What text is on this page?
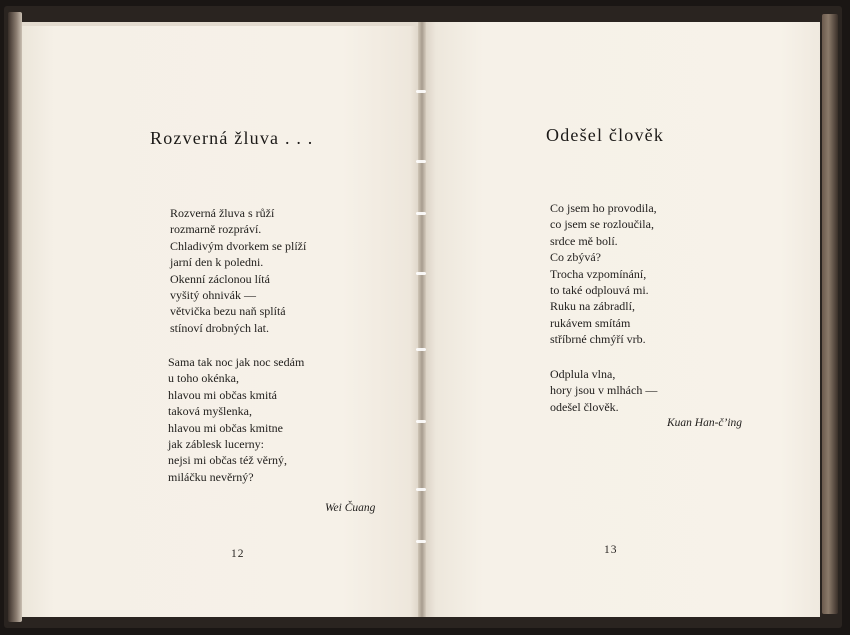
Rozverná žluva . . .
Rozverná žluva s růží
rozmarně rozpráví.
Chladivým dvorkem se plíží
jarní den k poledni.
Okenní záclonou lítá
vyšitý ohnivák —
větvička bezu naň splítá
stínoví drobných lat.
Sama tak noc jak noc sedám
u toho okénka,
hlavou mi občas kmitá
taková myšlenka,
hlavou mi občas kmitne
jak záblesk lucerny:
nejsi mi občas též věrný,
miláčku nevěrný?

Wei Čuang

12

Odešel člověk
Co jsem ho provodila,
co jsem se rozloučila,
srdce mě bolí.
Co zbývá?
Trocha vzpomínání,
to také odplouvá mi.
Ruku na zábradlí,
rukávem smítám
stříbrné chmýří vrb.
Odplula vlna,
hory jsou v mlhách —
odešel člověk.

Kuan Han-č’ing

13
